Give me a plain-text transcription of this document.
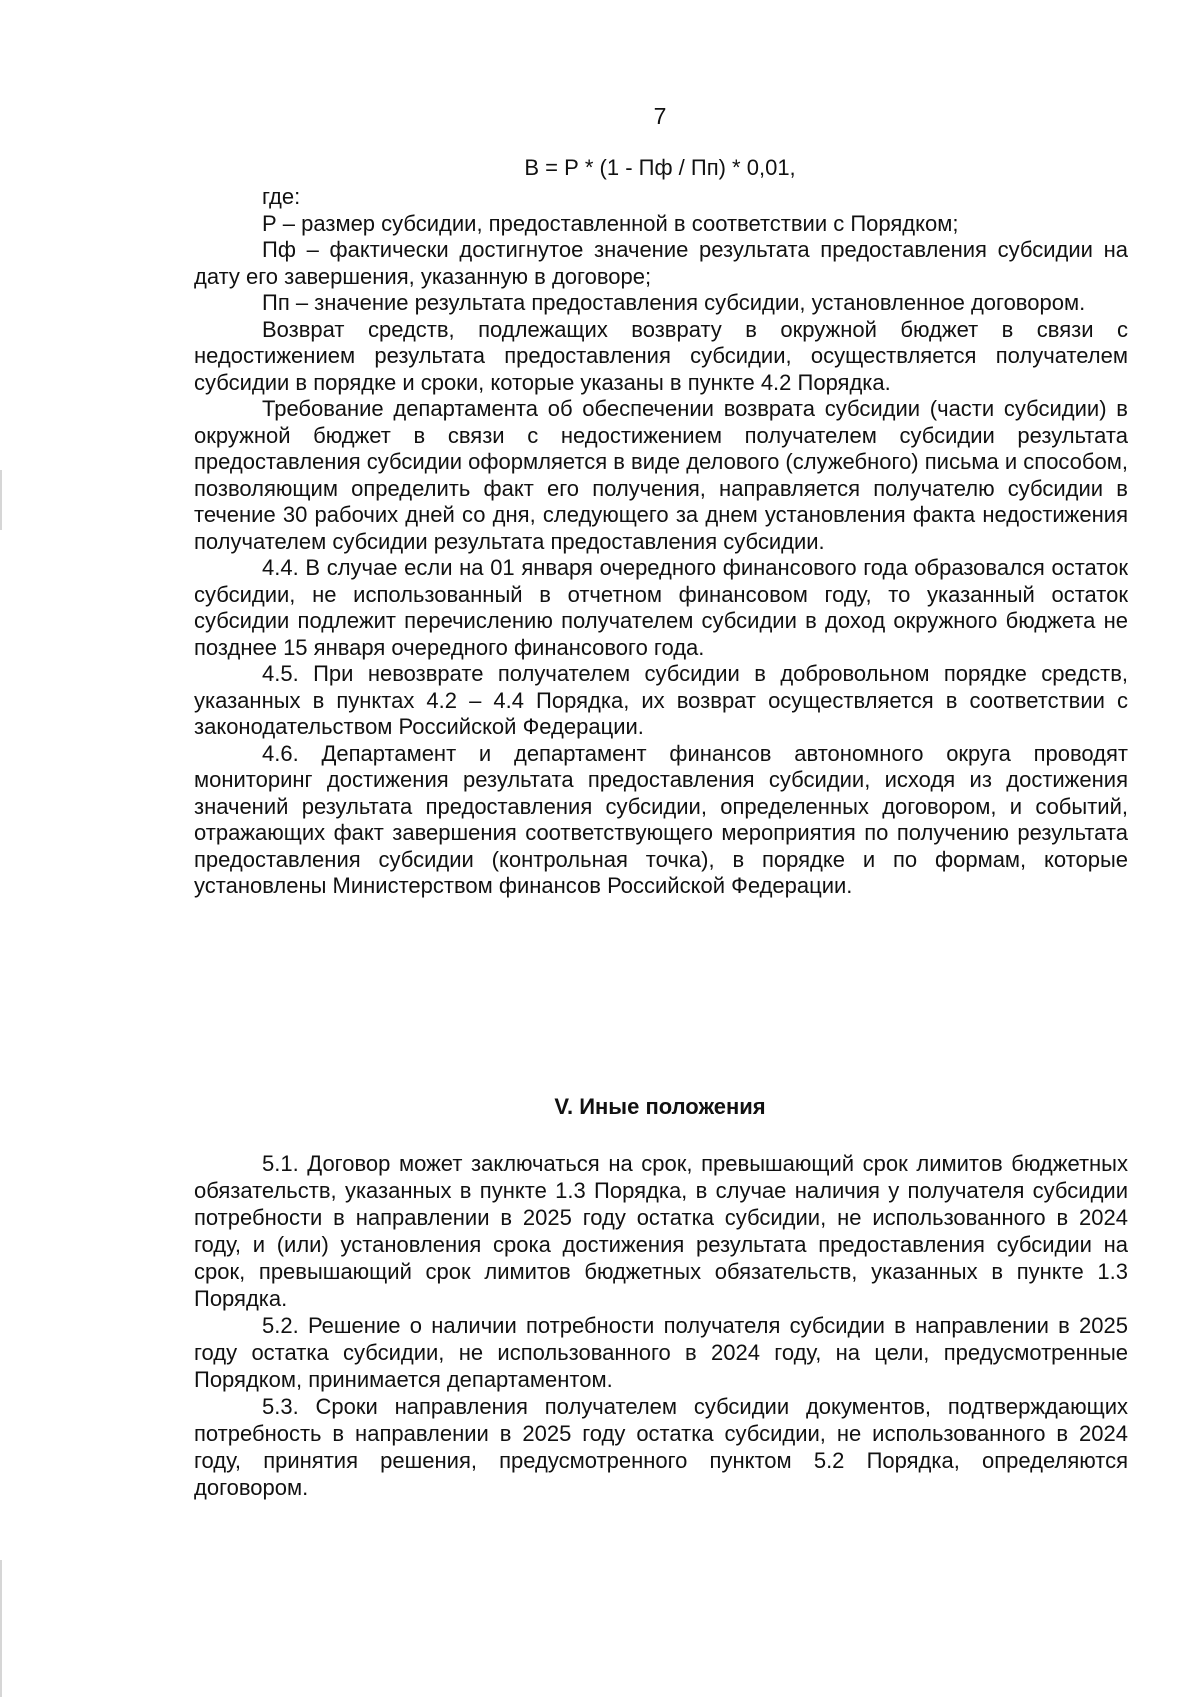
7
В = Р * (1 - Пф / Пп) * 0,01,

где:

Р – размер субсидии, предоставленной в соответствии с Порядком;

Пф – фактически достигнутое значение результата предоставления субсидии на дату его завершения, указанную в договоре;

Пп – значение результата предоставления субсидии, установленное договором.

Возврат средств, подлежащих возврату в окружной бюджет в связи с недостижением результата предоставления субсидии, осуществляется получателем субсидии в порядке и сроки, которые указаны в пункте 4.2 Порядка.

Требование департамента об обеспечении возврата субсидии (части субсидии) в окружной бюджет в связи с недостижением получателем субсидии результата предоставления субсидии оформляется в виде делового (служебного) письма и способом, позволяющим определить факт его получения, направляется получателю субсидии в течение 30 рабочих дней со дня, следующего за днем установления факта недостижения получателем субсидии результата предоставления субсидии.

4.4. В случае если на 01 января очередного финансового года образовался остаток субсидии, не использованный в отчетном финансовом году, то указанный остаток субсидии подлежит перечислению получателем субсидии в доход окружного бюджета не позднее 15 января очередного финансового года.

4.5. При невозврате получателем субсидии в добровольном порядке средств, указанных в пунктах 4.2 – 4.4 Порядка, их возврат осуществляется в соответствии с законодательством Российской Федерации.

4.6. Департамент и департамент финансов автономного округа проводят мониторинг достижения результата предоставления субсидии, исходя из достижения значений результата предоставления субсидии, определенных договором, и событий, отражающих факт завершения соответствующего мероприятия по получению результата предоставления субсидии (контрольная точка), в порядке и по формам, которые установлены Министерством финансов Российской Федерации.

V. Иные положения

5.1. Договор может заключаться на срок, превышающий срок лимитов бюджетных обязательств, указанных в пункте 1.3 Порядка, в случае наличия у получателя субсидии потребности в направлении в 2025 году остатка субсидии, не использованного в 2024 году, и (или) установления срока достижения результата предоставления субсидии на срок, превышающий срок лимитов бюджетных обязательств, указанных в пункте 1.3 Порядка.

5.2. Решение о наличии потребности получателя субсидии в направлении в 2025 году остатка субсидии, не использованного в 2024 году, на цели, предусмотренные Порядком, принимается департаментом.

5.3. Сроки направления получателем субсидии документов, подтверждающих потребность в направлении в 2025 году остатка субсидии, не использованного в 2024 году, принятия решения, предусмотренного пунктом 5.2 Порядка, определяются договором.
